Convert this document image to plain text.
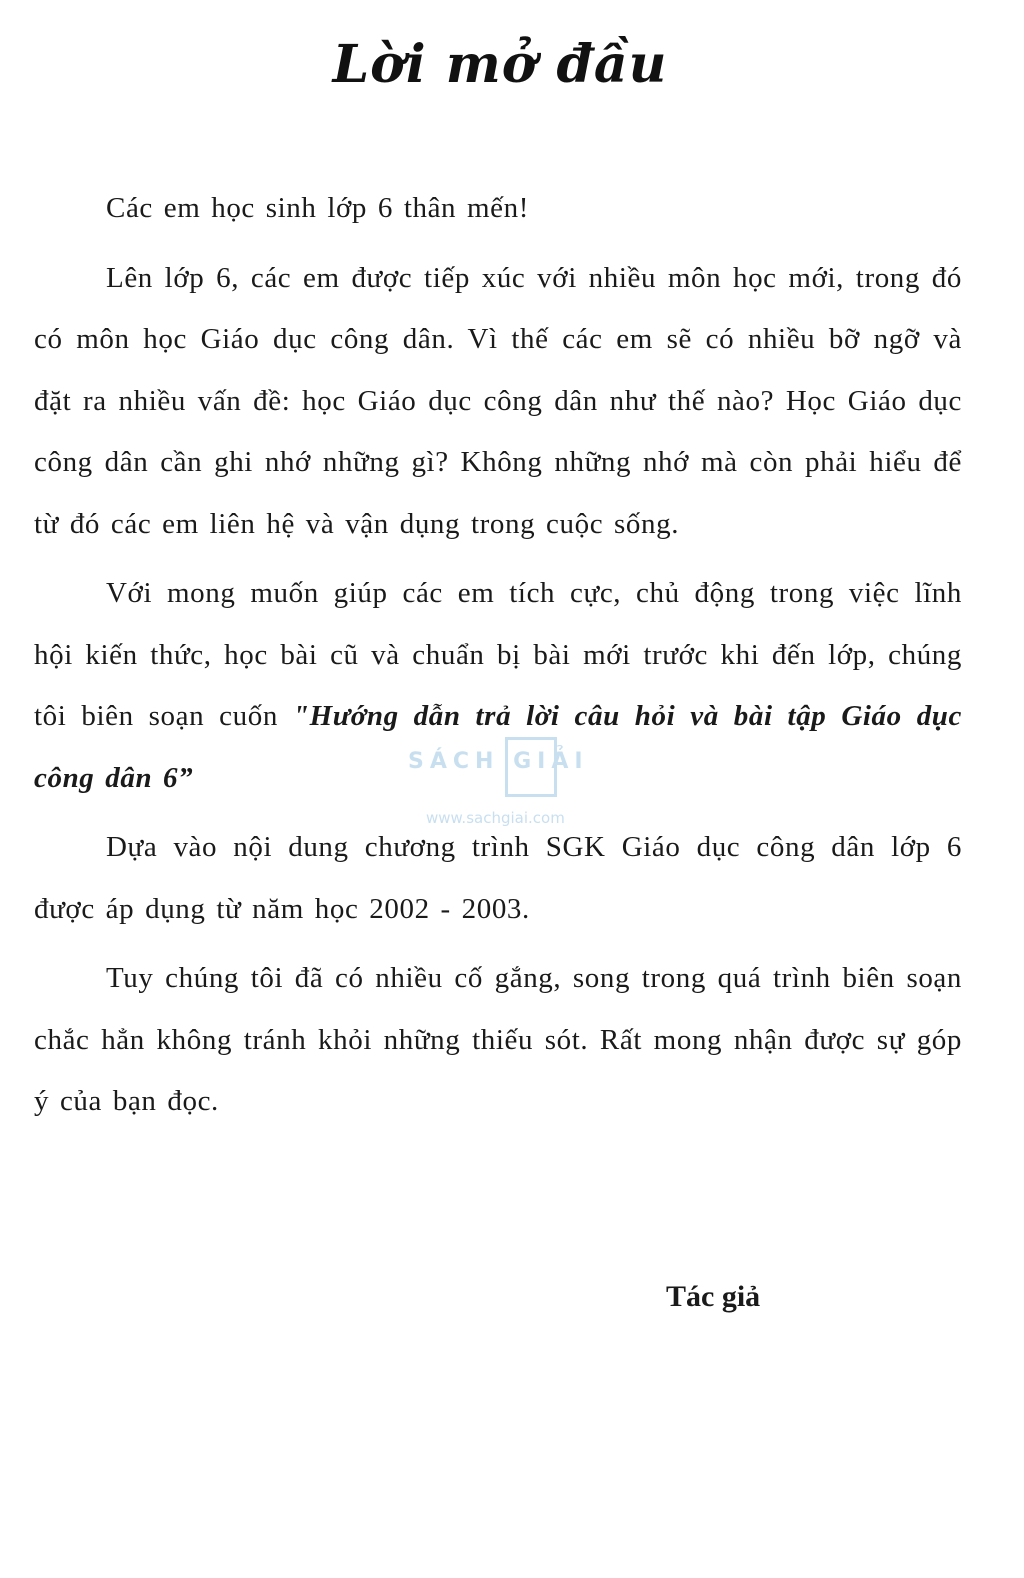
Lời mở đầu

Các em học sinh lớp 6 thân mến!

Lên lớp 6, các em được tiếp xúc với nhiều môn học mới, trong đó có môn học Giáo dục công dân. Vì thế các em sẽ có nhiều bỡ ngỡ và đặt ra nhiều vấn đề: học Giáo dục công dân như thế nào? Học Giáo dục công dân cần ghi nhớ những gì? Không những nhớ mà còn phải hiểu để từ đó các em liên hệ và vận dụng trong cuộc sống.

Với mong muốn giúp các em tích cực, chủ động trong việc lĩnh hội kiến thức, học bài cũ và chuẩn bị bài mới trước khi đến lớp, chúng tôi biên soạn cuốn "Hướng dẫn trả lời câu hỏi và bài tập Giáo dục công dân 6”

Dựa vào nội dung chương trình SGK Giáo dục công dân lớp 6 được áp dụng từ năm học 2002 - 2003.

Tuy chúng tôi đã có nhiều cố gắng, song trong quá trình biên soạn chắc hẳn không tránh khỏi những thiếu sót. Rất mong nhận được sự góp ý của bạn đọc.

Tác giả

SÁCH GIẢI
www.sachgiai.com
